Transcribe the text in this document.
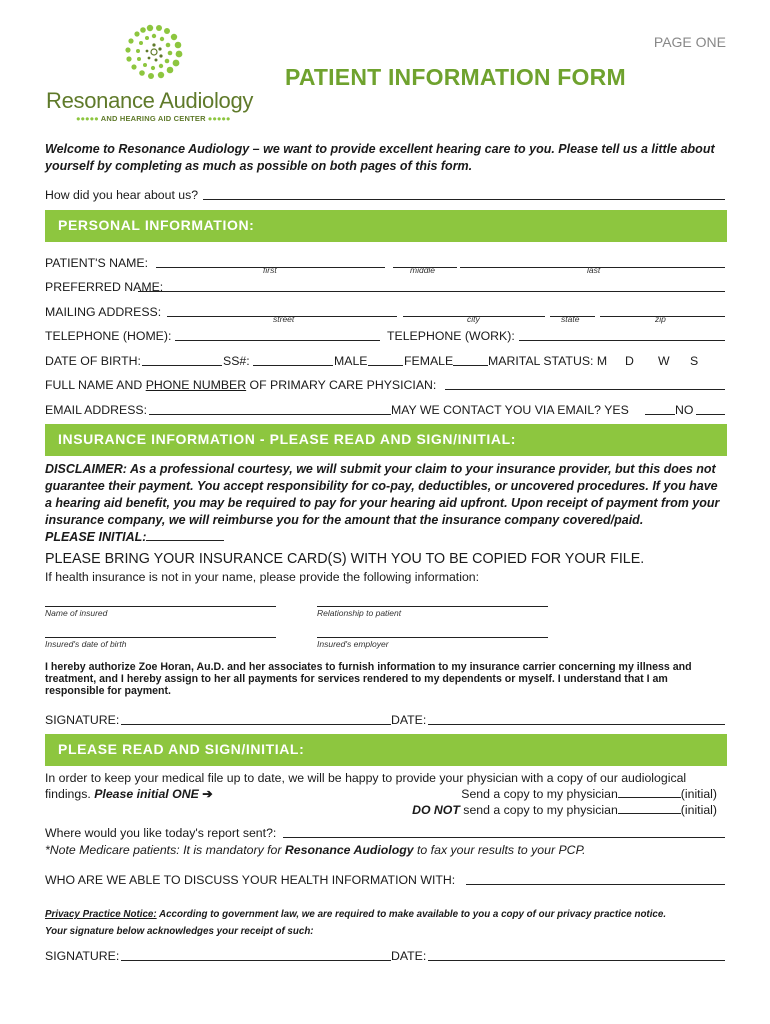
Resonance Audiology
●●●●● AND HEARING AID CENTER ●●●●●
PAGE ONE
PATIENT INFORMATION FORM
Welcome to Resonance Audiology – we want to provide excellent hearing care to you. Please tell us a little about yourself by completing as much as possible on both pages of this form.
How did you hear about us?
PERSONAL INFORMATION:
PATIENT'S NAME:	first	middle	last
PREFERRED NAME:
MAILING ADDRESS:	street	city	state	zip
TELEPHONE (HOME):	TELEPHONE (WORK):
DATE OF BIRTH:	SS#:	MALE	FEMALE	MARITAL STATUS: M D W S
FULL NAME AND PHONE NUMBER OF PRIMARY CARE PHYSICIAN:
EMAIL ADDRESS:	MAY WE CONTACT YOU VIA EMAIL? YES	NO
INSURANCE INFORMATION - PLEASE READ AND SIGN/INITIAL:
DISCLAIMER: As a professional courtesy, we will submit your claim to your insurance provider, but this does not guarantee their payment. You accept responsibility for co-pay, deductibles, or uncovered procedures. If you have a hearing aid benefit, you may be required to pay for your hearing aid upfront. Upon receipt of payment from your insurance company, we will reimburse you for the amount that the insurance company covered/paid.
PLEASE INITIAL:
PLEASE BRING YOUR INSURANCE CARD(S) WITH YOU TO BE COPIED FOR YOUR FILE.
If health insurance is not in your name, please provide the following information:
Name of insured	Relationship to patient
Insured's date of birth	Insured's employer
I hereby authorize Zoe Horan, Au.D. and her associates to furnish information to my insurance carrier concerning my illness and treatment, and I hereby assign to her all payments for services rendered to my dependents or myself. I understand that I am responsible for payment.
SIGNATURE:	DATE:
PLEASE READ AND SIGN/INITIAL:
In order to keep your medical file up to date, we will be happy to provide your physician with a copy of our audiological
findings. Please initial ONE ➔	Send a copy to my physician	(initial)
DO NOT send a copy to my physician	(initial)
Where would you like today's report sent?:
*Note Medicare patients: It is mandatory for Resonance Audiology to fax your results to your PCP.
WHO ARE WE ABLE TO DISCUSS YOUR HEALTH INFORMATION WITH:
Privacy Practice Notice: According to government law, we are required to make available to you a copy of our privacy practice notice.
Your signature below acknowledges your receipt of such:
SIGNATURE:	DATE:
